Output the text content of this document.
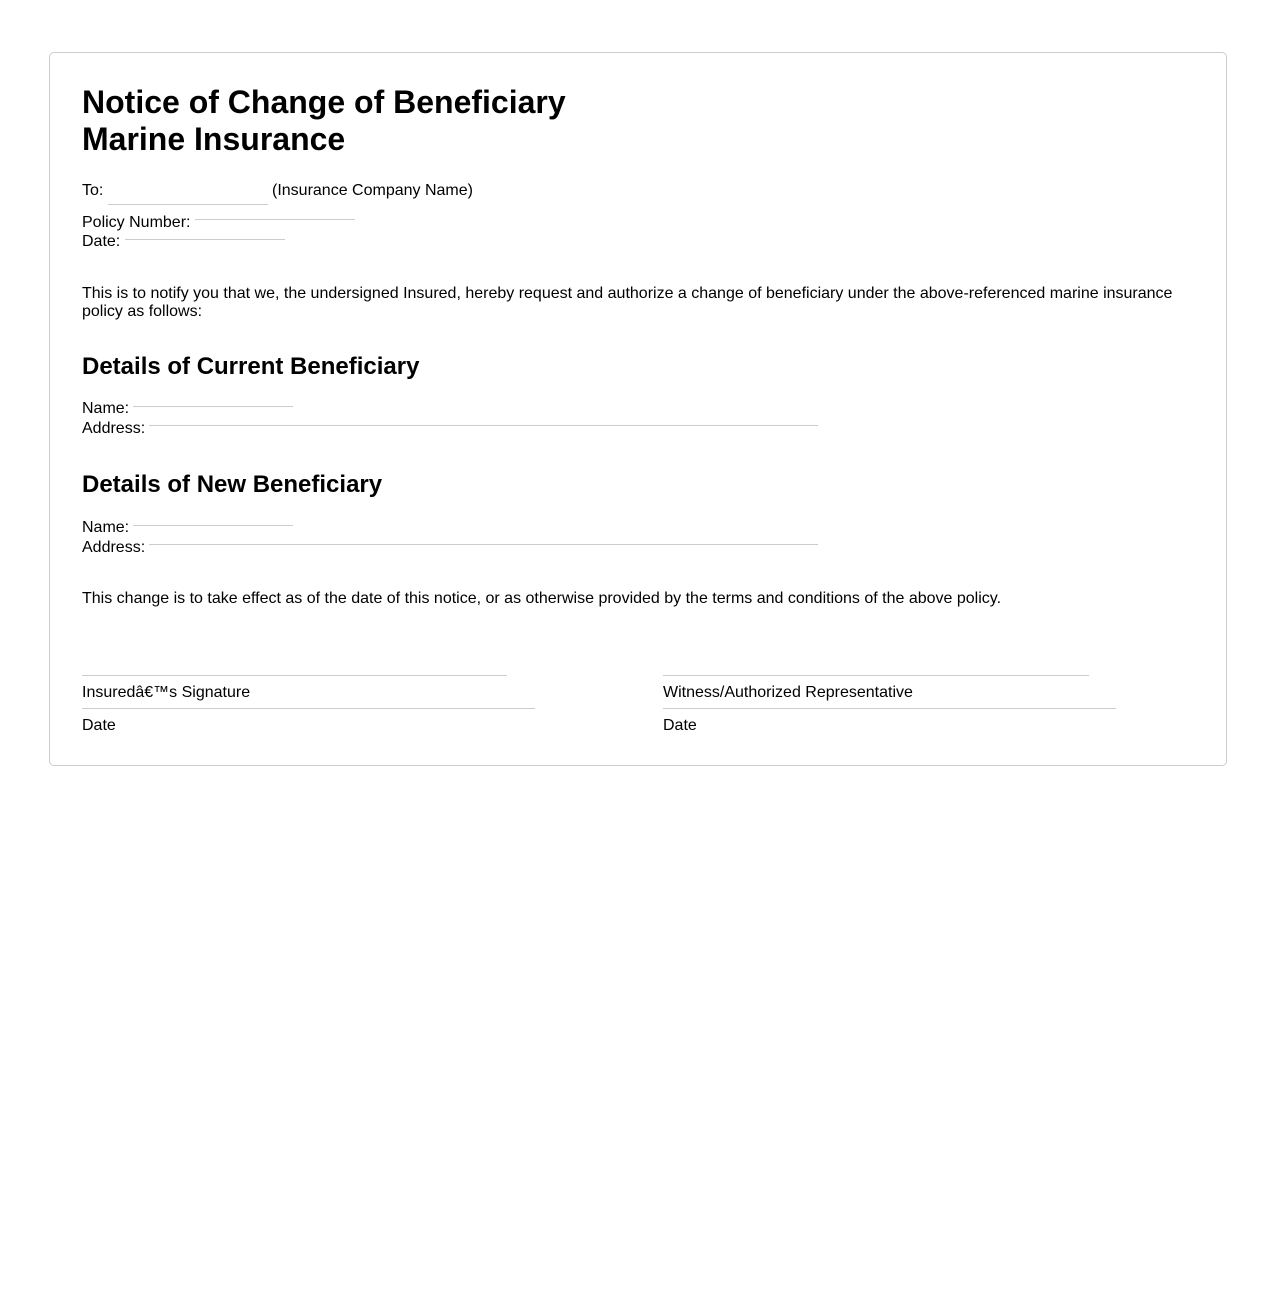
Notice of Change of Beneficiary
Marine Insurance
To:	(Insurance Company Name)
Policy Number:
Date:
This is to notify you that we, the undersigned Insured, hereby request and authorize a change of beneficiary under the above-referenced marine insurance policy as follows:
Details of Current Beneficiary
Name:
Address:
Details of New Beneficiary
Name:
Address:
This change is to take effect as of the date of this notice, or as otherwise provided by the terms and conditions of the above policy.
Insuredâ€™s Signature
Date
Witness/Authorized Representative
Date
